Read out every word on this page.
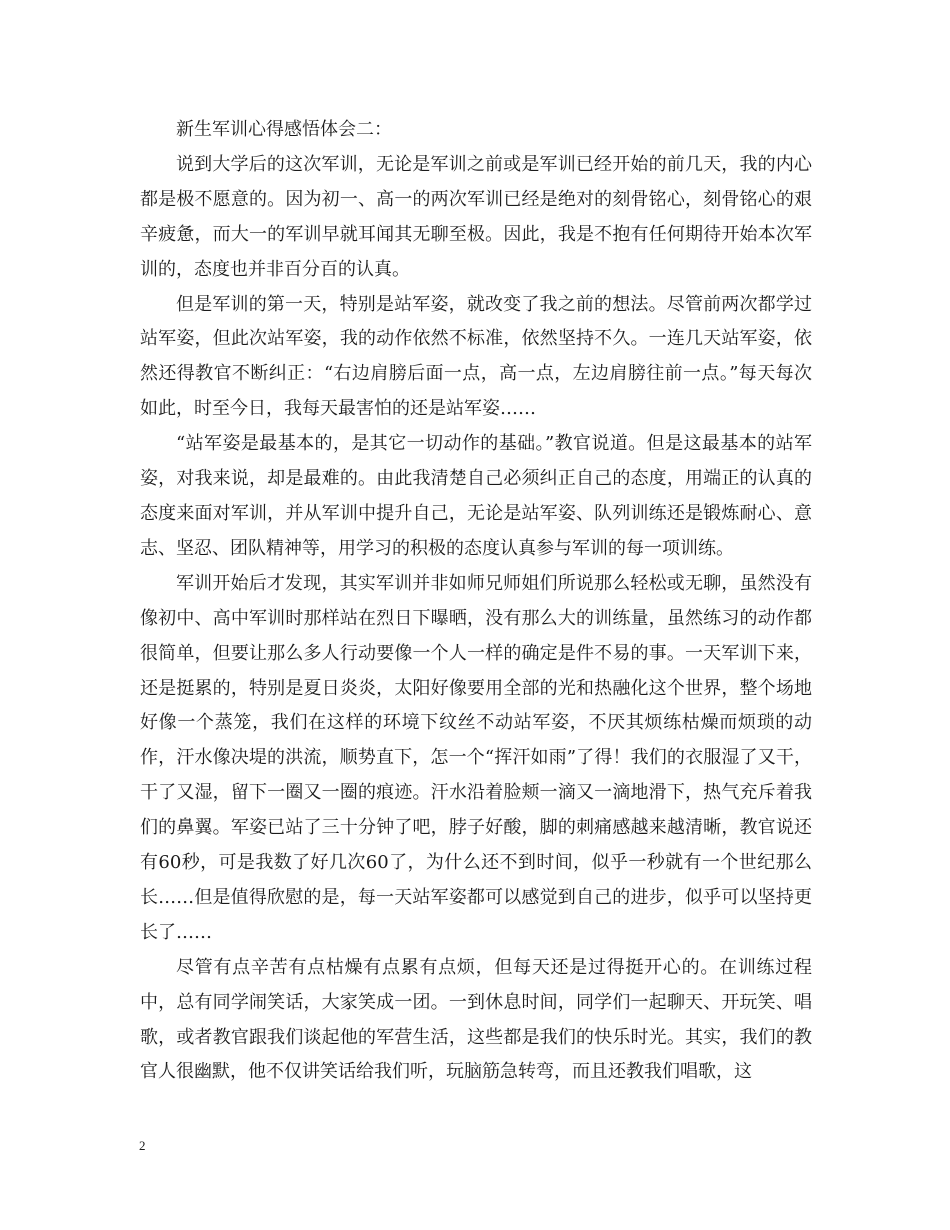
新生军训心得感悟体会二：

说到大学后的这次军训，无论是军训之前或是军训已经开始的前几天，我的内心都是极不愿意的。因为初一、高一的两次军训已经是绝对的刻骨铭心，刻骨铭心的艰辛疲惫，而大一的军训早就耳闻其无聊至极。因此，我是不抱有任何期待开始本次军训的，态度也并非百分百的认真。

但是军训的第一天，特别是站军姿，就改变了我之前的想法。尽管前两次都学过站军姿，但此次站军姿，我的动作依然不标准，依然坚持不久。一连几天站军姿，依然还得教官不断纠正：“右边肩膀后面一点，高一点，左边肩膀往前一点。”每天每次如此，时至今日，我每天最害怕的还是站军姿……

“站军姿是最基本的，是其它一切动作的基础。”教官说道。但是这最基本的站军姿，对我来说，却是最难的。由此我清楚自己必须纠正自己的态度，用端正的认真的态度来面对军训，并从军训中提升自己，无论是站军姿、队列训练还是锻炼耐心、意志、坚忍、团队精神等，用学习的积极的态度认真参与军训的每一项训练。

军训开始后才发现，其实军训并非如师兄师姐们所说那么轻松或无聊，虽然没有像初中、高中军训时那样站在烈日下曝晒，没有那么大的训练量，虽然练习的动作都很简单，但要让那么多人行动要像一个人一样的确定是件不易的事。一天军训下来，还是挺累的，特别是夏日炎炎，太阳好像要用全部的光和热融化这个世界，整个场地好像一个蒸笼，我们在这样的环境下纹丝不动站军姿，不厌其烦练枯燥而烦琐的动作，汗水像决堤的洪流，顺势直下，怎一个“挥汗如雨”了得！我们的衣服湿了又干，干了又湿，留下一圈又一圈的痕迹。汗水沿着脸颊一滴又一滴地滑下，热气充斥着我们的鼻翼。军姿已站了三十分钟了吧，脖子好酸，脚的刺痛感越来越清晰，教官说还有60秒，可是我数了好几次60了，为什么还不到时间，似乎一秒就有一个世纪那么长……但是值得欣慰的是，每一天站军姿都可以感觉到自己的进步，似乎可以坚持更长了……

尽管有点辛苦有点枯燥有点累有点烦，但每天还是过得挺开心的。在训练过程中，总有同学闹笑话，大家笑成一团。一到休息时间，同学们一起聊天、开玩笑、唱歌，或者教官跟我们谈起他的军营生活，这些都是我们的快乐时光。其实，我们的教官人很幽默，他不仅讲笑话给我们听，玩脑筋急转弯，而且还教我们唱歌，这

2
